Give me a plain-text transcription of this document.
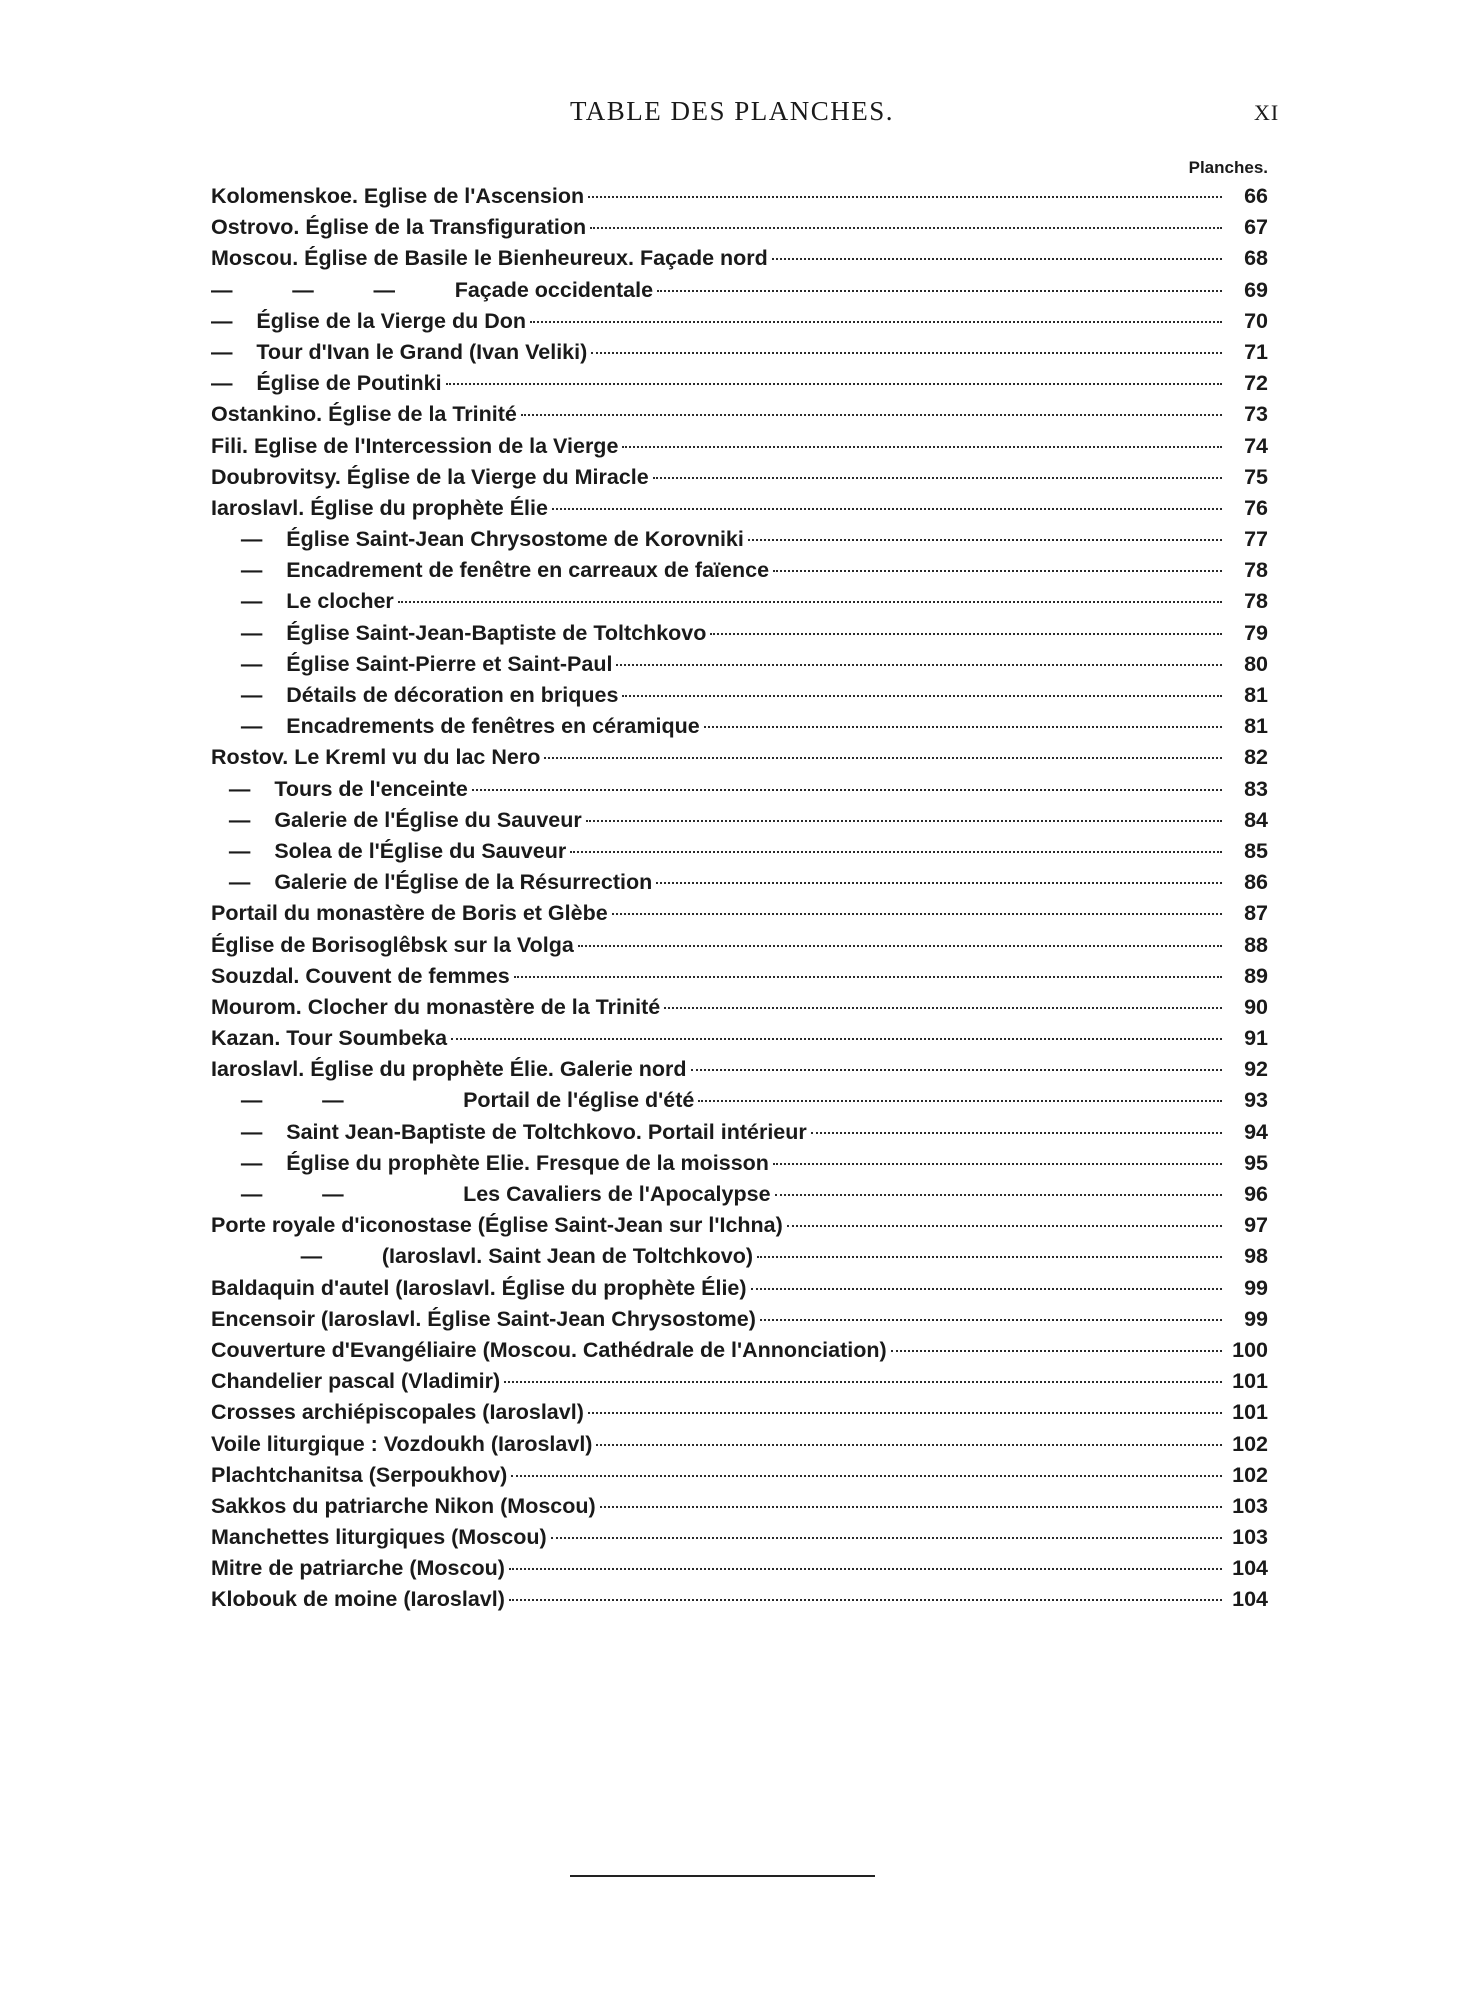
TABLE DES PLANCHES.	XI
Planches.
Kolomenskoe. Eglise de l'Ascension	66
Ostrovo. Église de la Transfiguration	67
Moscou. Église de Basile le Bienheureux. Façade nord	68
—          —          —          Façade occidentale	69
—    Église de la Vierge du Don	70
—    Tour d'Ivan le Grand (Ivan Veliki)	71
—    Église de Poutinki	72
Ostankino. Église de la Trinité	73
Fili. Eglise de l'Intercession de la Vierge	74
Doubrovitsy. Église de la Vierge du Miracle	75
Iaroslavl. Église du prophète Élie	76
—    Église Saint-Jean Chrysostome de Korovniki	77
—    Encadrement de fenêtre en carreaux de faïence	78
—    Le clocher	78
—    Église Saint-Jean-Baptiste de Toltchkovo	79
—    Église Saint-Pierre et Saint-Paul	80
—    Détails de décoration en briques	81
—    Encadrements de fenêtres en céramique	81
Rostov. Le Kreml vu du lac Nero	82
—    Tours de l'enceinte	83
—    Galerie de l'Église du Sauveur	84
—    Solea de l'Église du Sauveur	85
—    Galerie de l'Église de la Résurrection	86
Portail du monastère de Boris et Glèbe	87
Église de Borisoglêbsk sur la Volga	88
Souzdal. Couvent de femmes	89
Mourom. Clocher du monastère de la Trinité	90
Kazan. Tour Soumbeka	91
Iaroslavl. Église du prophète Élie. Galerie nord	92
—          —                    Portail de l'église d'été	93
—    Saint Jean-Baptiste de Toltchkovo. Portail intérieur	94
—    Église du prophète Elie. Fresque de la moisson	95
—          —                    Les Cavaliers de l'Apocalypse	96
Porte royale d'iconostase (Église Saint-Jean sur l'Ichna)	97
—          (Iaroslavl. Saint Jean de Toltchkovo)	98
Baldaquin d'autel (Iaroslavl. Église du prophète Élie)	99
Encensoir (Iaroslavl. Église Saint-Jean Chrysostome)	99
Couverture d'Evangéliaire (Moscou. Cathédrale de l'Annonciation)	100
Chandelier pascal (Vladimir)	101
Crosses archiépiscopales (Iaroslavl)	101
Voile liturgique : Vozdoukh (Iaroslavl)	102
Plachtchanitsa (Serpoukhov)	102
Sakkos du patriarche Nikon (Moscou)	103
Manchettes liturgiques (Moscou)	103
Mitre de patriarche (Moscou)	104
Klobouk de moine (Iaroslavl)	104
